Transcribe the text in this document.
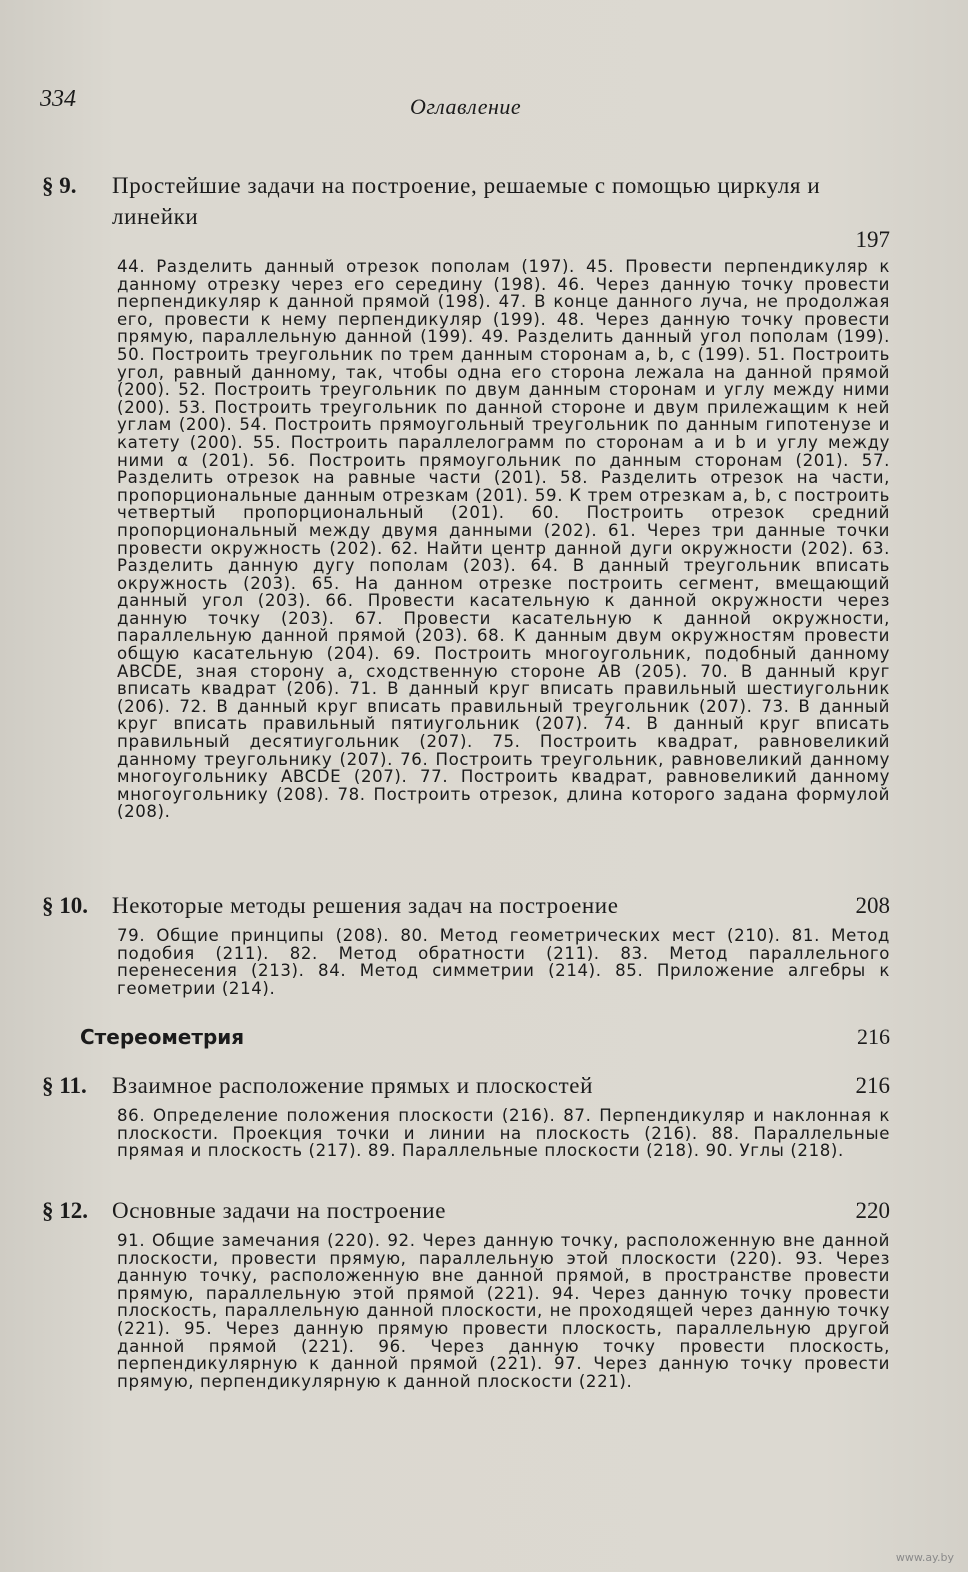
334	Оглавление
§ 9.	Простейшие задачи на построение, решаемые с помощью циркуля и линейки
197
44. Разделить данный отрезок пополам (197). 45. Провести перпендикуляр к данному отрезку через его середину (198). 46. Через данную точку провести перпендикуляр к данной прямой (198). 47. В конце данного луча, не продолжая его, провести к нему перпендикуляр (199). 48. Через данную точку провести прямую, параллельную данной (199). 49. Разделить данный угол пополам (199). 50. Построить треугольник по трем данным сторонам a, b, c (199). 51. Построить угол, равный данному, так, чтобы одна его сторона лежала на данной прямой (200). 52. Построить треугольник по двум данным сторонам и углу между ними (200). 53. Построить треугольник по данной стороне и двум прилежащим к ней углам (200). 54. Построить прямоугольный треугольник по данным гипотенузе и катету (200). 55. Построить параллелограмм по сторонам a и b и углу между ними α (201). 56. Построить прямоугольник по данным сторонам (201). 57. Разделить отрезок на равные части (201). 58. Разделить отрезок на части, пропорциональные данным отрезкам (201). 59. К трем отрезкам a, b, c построить четвертый пропорциональный (201). 60. Построить отрезок средний пропорциональный между двумя данными (202). 61. Через три данные точки провести окружность (202). 62. Найти центр данной дуги окружности (202). 63. Разделить данную дугу пополам (203). 64. В данный треугольник вписать окружность (203). 65. На данном отрезке построить сегмент, вмещающий данный угол (203). 66. Провести касательную к данной окружности через данную точку (203). 67. Провести касательную к данной окружности, параллельную данной прямой (203). 68. К данным двум окружностям провести общую касательную (204). 69. Построить многоугольник, подобный данному ABCDE, зная сторону a, сходственную стороне AB (205). 70. В данный круг вписать квадрат (206). 71. В данный круг вписать правильный шестиугольник (206). 72. В данный круг вписать правильный треугольник (207). 73. В данный круг вписать правильный пятиугольник (207). 74. В данный круг вписать правильный десятиугольник (207). 75. Построить квадрат, равновеликий данному треугольнику (207). 76. Построить треугольник, равновеликий данному многоугольнику ABCDE (207). 77. Построить квадрат, равновеликий данному многоугольнику (208). 78. Построить отрезок, длина которого задана формулой (208).
§ 10.	Некоторые методы решения задач на построение	208
79. Общие принципы (208). 80. Метод геометрических мест (210). 81. Метод подобия (211). 82. Метод обратности (211). 83. Метод параллельного перенесения (213). 84. Метод симметрии (214). 85. Приложение алгебры к геометрии (214).
Стереометрия	216
§ 11.	Взаимное расположение прямых и плоскостей	216
86. Определение положения плоскости (216). 87. Перпендикуляр и наклонная к плоскости. Проекция точки и линии на плоскость (216). 88. Параллельные прямая и плоскость (217). 89. Параллельные плоскости (218). 90. Углы (218).
§ 12.	Основные задачи на построение	220
91. Общие замечания (220). 92. Через данную точку, расположенную вне данной плоскости, провести прямую, параллельную этой плоскости (220). 93. Через данную точку, расположенную вне данной прямой, в пространстве провести прямую, параллельную этой прямой (221). 94. Через данную точку провести плоскость, параллельную данной плоскости, не проходящей через данную точку (221). 95. Через данную прямую провести плоскость, параллельную другой данной прямой (221). 96. Через данную точку провести плоскость, перпендикулярную к данной прямой (221). 97. Через данную точку провести прямую, перпендикулярную к данной плоскости (221).
www.ay.by
